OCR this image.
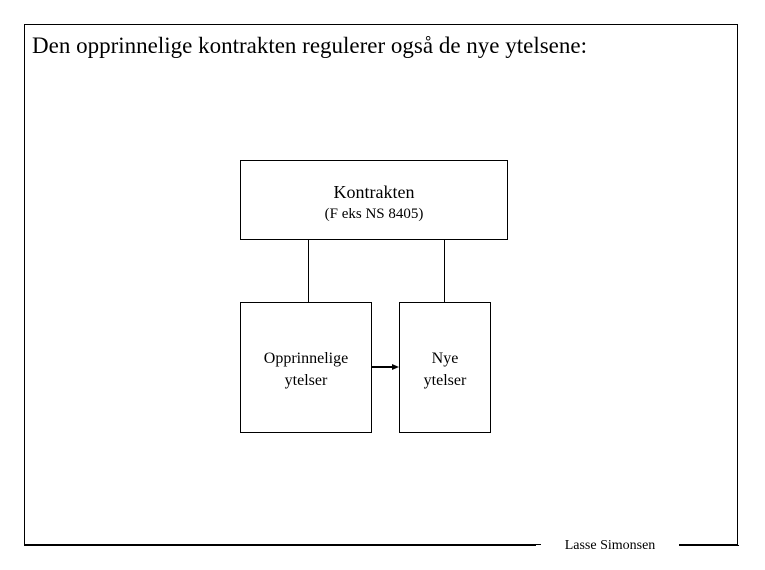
Den opprinnelige kontrakten regulerer også de nye ytelsene:
Kontrakten
(F eks NS 8405)
Opprinnelige
ytelser
Nye
ytelser
Lasse Simonsen
